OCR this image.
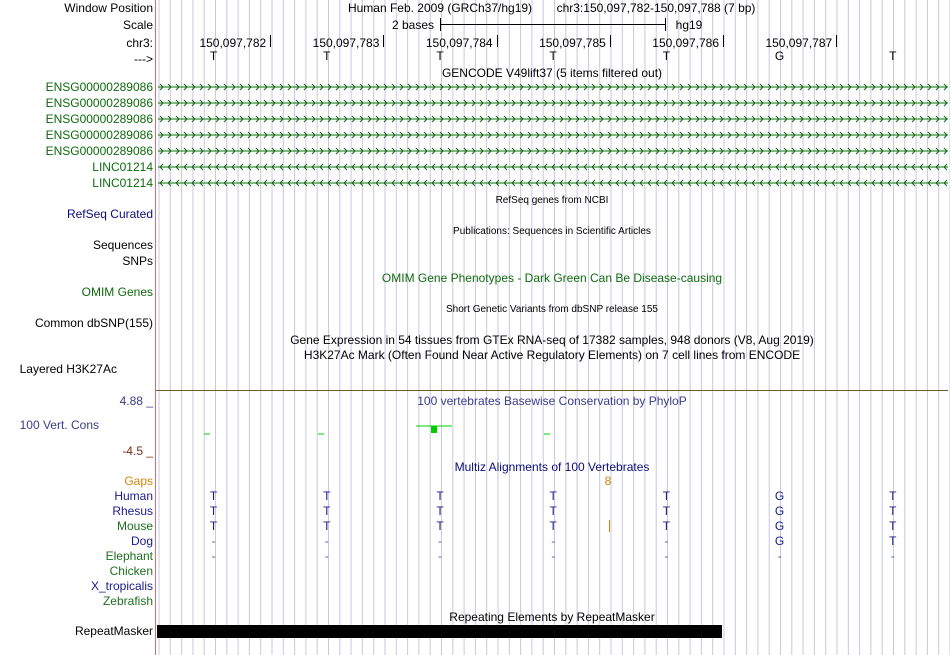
Window Position	Human Feb. 2009 (GRCh37/hg19) chr3:150,097,782-150,097,788 (7 bp)
Scale	2 bases	hg19
chr3:	150,097,782	150,097,783	150,097,784	150,097,785	150,097,786	150,097,787
--->	T	T	T	T	T	G	T
GENCODE V49lift37 (5 items filtered out)
ENSG00000289086
ENSG00000289086
ENSG00000289086
ENSG00000289086
ENSG00000289086
LINC01214
LINC01214
RefSeq genes from NCBI
RefSeq Curated
Publications: Sequences in Scientific Articles
Sequences
SNPs
OMIM Gene Phenotypes - Dark Green Can Be Disease-causing
OMIM Genes
Short Genetic Variants from dbSNP release 155
Common dbSNP(155)
Gene Expression in 54 tissues from GTEx RNA-seq of 17382 samples, 948 donors (V8, Aug 2019)
H3K27Ac Mark (Often Found Near Active Regulatory Elements) on 7 cell lines from ENCODE
Layered H3K27Ac
4.88 _	100 vertebrates Basewise Conservation by PhyloP
100 Vert. Cons
-4.5 _
Multiz Alignments of 100 Vertebrates
Gaps	8
Human	T	T	T	T	T	G	T
Rhesus	T	T	T	T	T	G	T
Mouse	T	T	T	T	T	G	T
Dog	-	-	-	-	-	G	T
Elephant	-	-	-	-	-	-	-
Chicken
X_tropicalis
Zebrafish
Repeating Elements by RepeatMasker
RepeatMasker
